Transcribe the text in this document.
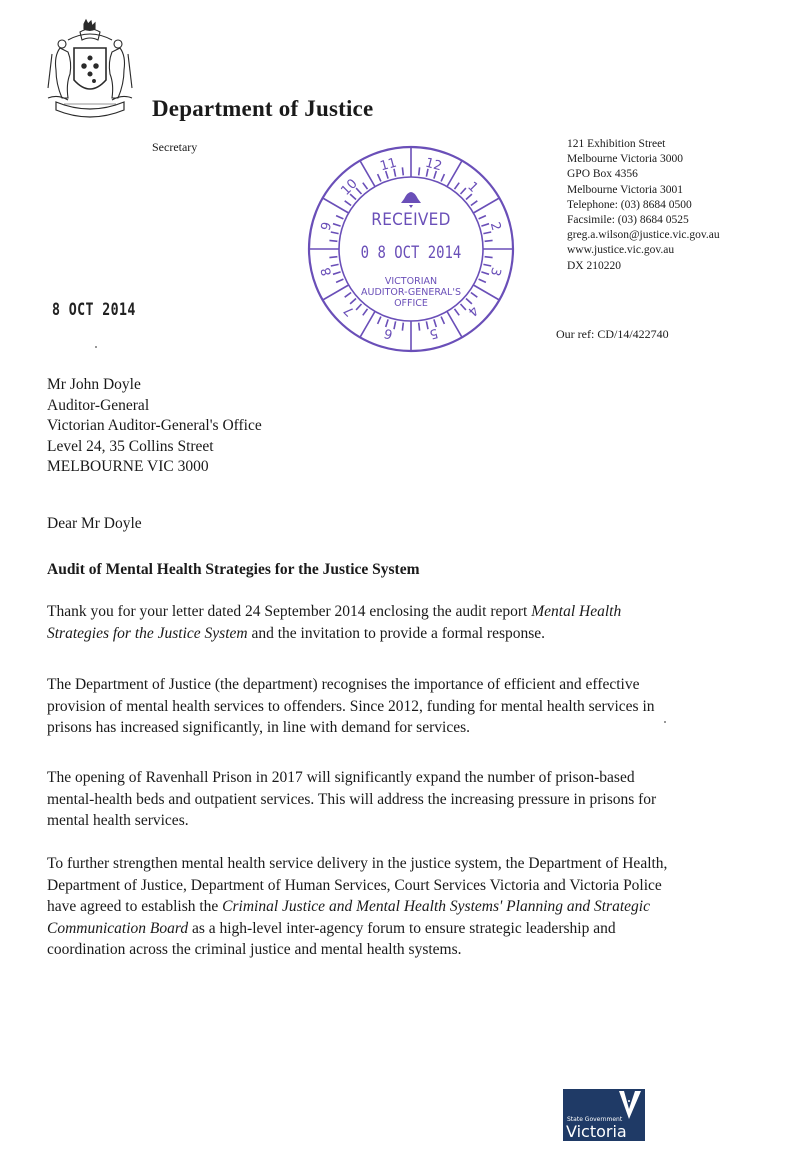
Department of Justice
Secretary	121 Exhibition Street
Melbourne Victoria 3000
GPO Box 4356
Melbourne Victoria 3001
Telephone: (03) 8684 0500
Facsimile: (03) 8684 0525
greg.a.wilson@justice.vic.gov.au
www.justice.vic.gov.au
DX 210220
12
1
2
3
4
5
6
7
8
9
10
11
RECEIVED
0 8 OCT 2014
VICTORIAN
AUDITOR-GENERAL'S
OFFICE
8 OCT 2014
Our ref: CD/14/422740
Mr John Doyle
Auditor-General
Victorian Auditor-General's Office
Level 24, 35 Collins Street
MELBOURNE VIC 3000
Dear Mr Doyle
Audit of Mental Health Strategies for the Justice System
Thank you for your letter dated 24 September 2014 enclosing the audit report Mental Health
Strategies for the Justice System and the invitation to provide a formal response.
The Department of Justice (the department) recognises the importance of efficient and effective
provision of mental health services to offenders. Since 2012, funding for mental health services in
prisons has increased significantly, in line with demand for services.
The opening of Ravenhall Prison in 2017 will significantly expand the number of prison-based
mental-health beds and outpatient services. This will address the increasing pressure in prisons for
mental health services.
To further strengthen mental health service delivery in the justice system, the Department of Health,
Department of Justice, Department of Human Services, Court Services Victoria and Victoria Police
have agreed to establish the Criminal Justice and Mental Health Systems' Planning and Strategic
Communication Board as a high-level inter-agency forum to ensure strategic leadership and
coordination across the criminal justice and mental health systems.
State Government
Victoria
